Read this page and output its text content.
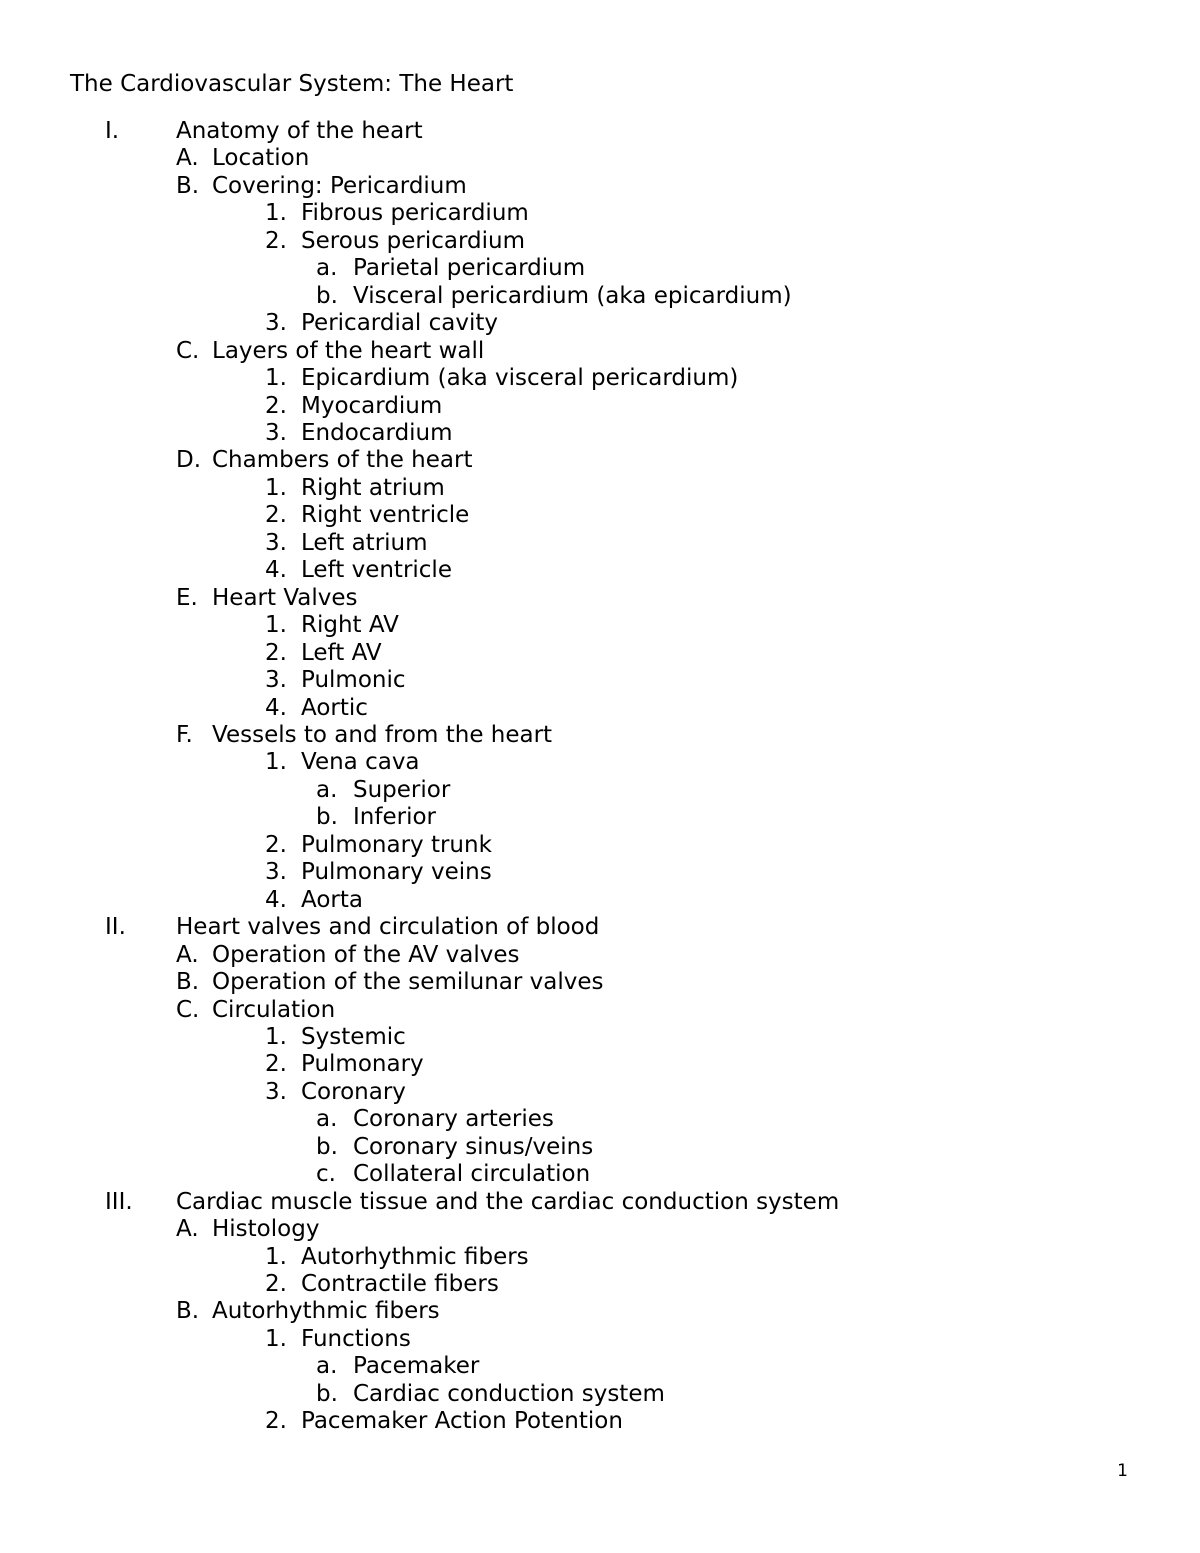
The Cardiovascular System: The Heart
I. Anatomy of the heart
A. Location
B. Covering: Pericardium
1. Fibrous pericardium
2. Serous pericardium
a. Parietal pericardium
b. Visceral pericardium (aka epicardium)
3. Pericardial cavity
C. Layers of the heart wall
1. Epicardium (aka visceral pericardium)
2. Myocardium
3. Endocardium
D. Chambers of the heart
1. Right atrium
2. Right ventricle
3. Left atrium
4. Left ventricle
E. Heart Valves
1. Right AV
2. Left AV
3. Pulmonic
4. Aortic
F. Vessels to and from the heart
1. Vena cava
a. Superior
b. Inferior
2. Pulmonary trunk
3. Pulmonary veins
4. Aorta
II. Heart valves and circulation of blood
A. Operation of the AV valves
B. Operation of the semilunar valves
C. Circulation
1. Systemic
2. Pulmonary
3. Coronary
a. Coronary arteries
b. Coronary sinus/veins
c. Collateral circulation
III. Cardiac muscle tissue and the cardiac conduction system
A. Histology
1. Autorhythmic fibers
2. Contractile fibers
B. Autorhythmic fibers
1. Functions
a. Pacemaker
b. Cardiac conduction system
2. Pacemaker Action Potention
1
